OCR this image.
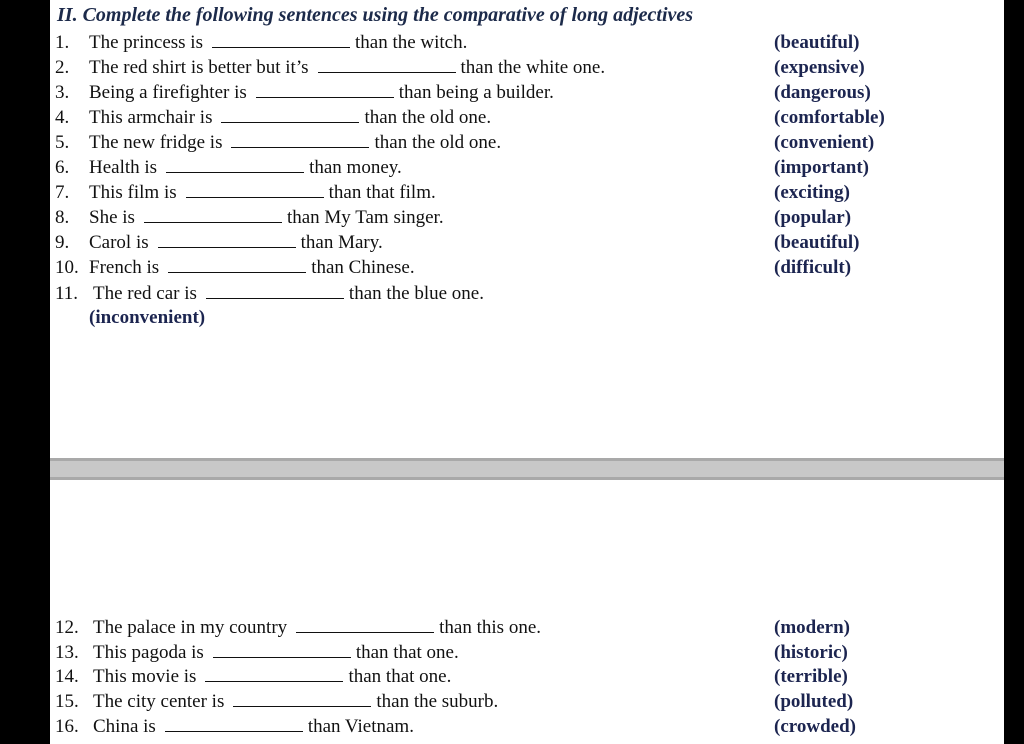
II. Complete the following sentences using the comparative of long adjectives
1.	The princess is	than the witch.	(beautiful)
2.	The red shirt is better but it’s	than the white one.	(expensive)
3.	Being a firefighter is	than being a builder.	(dangerous)
4.	This armchair is	than the old one.	(comfortable)
5.	The new fridge is	than the old one.	(convenient)
6.	Health is	than money.	(important)
7.	This film is	than that film.	(exciting)
8.	She is	than My Tam singer.	(popular)
9.	Carol is	than Mary.	(beautiful)
10. French is	than Chinese.	(difficult)
11. The red car is	than the blue one.
(inconvenient)
12. The palace in my country	than this one.	(modern)
13. This pagoda is	than that one.	(historic)
14. This movie is	than that one.	(terrible)
15. The city center is	than the suburb.	(polluted)
16. China is	than Vietnam.	(crowded)
